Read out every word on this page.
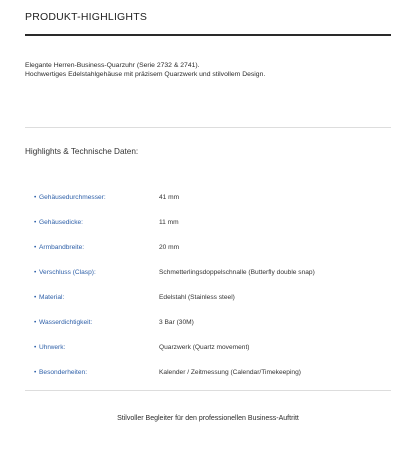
PRODUKT-HIGHLIGHTS
Elegante Herren-Business-Quarzuhr (Serie 2732 & 2741).
Hochwertiges Edelstahlgehäuse mit präzisem Quarzwerk und stilvollem Design.
Highlights & Technische Daten:
• Gehäusedurchmesser:	41 mm
• Gehäusedicke:	11 mm
• Armbandbreite:	20 mm
• Verschluss (Clasp):	Schmetterlingsdoppelschnalle (Butterfly double snap)
• Material:	Edelstahl (Stainless steel)
• Wasserdichtigkeit:	3 Bar (30M)
• Uhrwerk:	Quarzwerk (Quartz movement)
• Besonderheiten:	Kalender / Zeitmessung (Calendar/Timekeeping)
Stilvoller Begleiter für den professionellen Business-Auftritt
